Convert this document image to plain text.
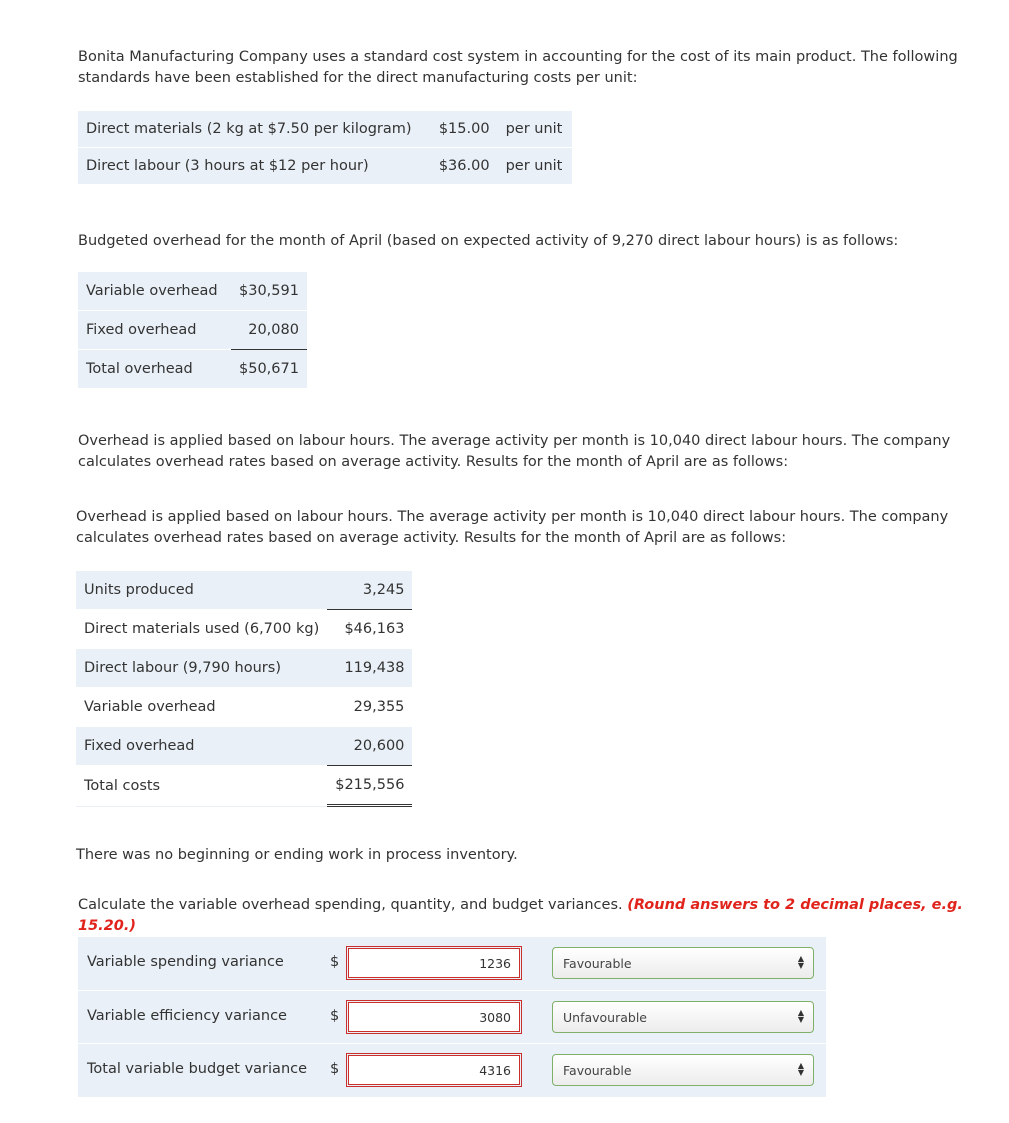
Bonita Manufacturing Company uses a standard cost system in accounting for the cost of its main product. The following standards have been established for the direct manufacturing costs per unit:

Direct materials (2 kg at $7.50 per kilogram)	$15.00	per unit
Direct labour (3 hours at $12 per hour)	$36.00	per unit

Budgeted overhead for the month of April (based on expected activity of 9,270 direct labour hours) is as follows:

Variable overhead	$30,591
Fixed overhead	20,080
Total overhead	$50,671

Overhead is applied based on labour hours. The average activity per month is 10,040 direct labour hours. The company calculates overhead rates based on average activity. Results for the month of April are as follows:

Overhead is applied based on labour hours. The average activity per month is 10,040 direct labour hours. The company calculates overhead rates based on average activity. Results for the month of April are as follows:

Units produced	3,245
Direct materials used (6,700 kg)	$46,163
Direct labour (9,790 hours)	119,438
Variable overhead	29,355
Fixed overhead	20,600
Total costs	$215,556

There was no beginning or ending work in process inventory.

Calculate the variable overhead spending, quantity, and budget variances. (Round answers to 2 decimal places, e.g. 15.20.)

Variable spending variance	$	1236	Favourable	▲
▼
Variable efficiency variance	$	3080	Unfavourable	▲
▼
Total variable budget variance $	4316	Favourable	▲
▼
